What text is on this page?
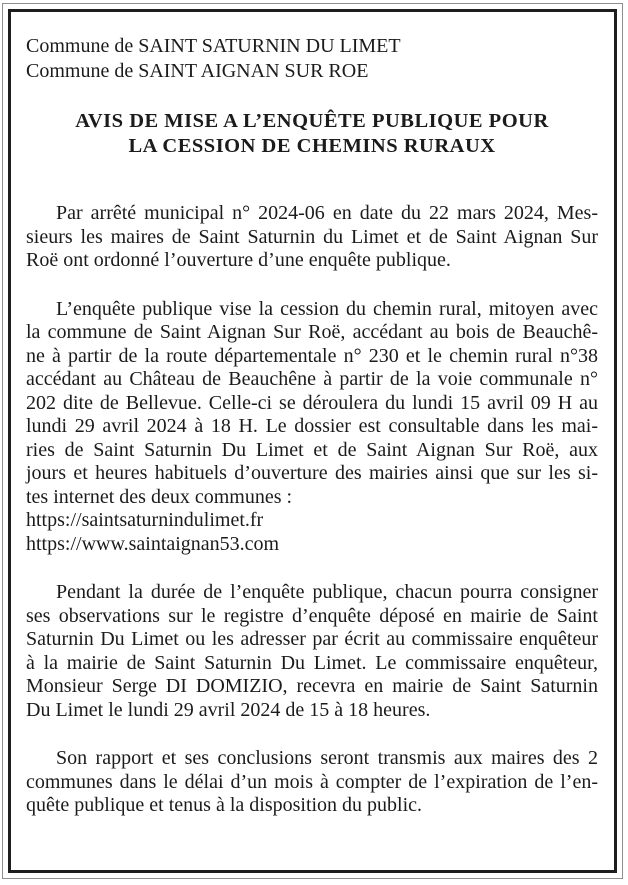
Commune de SAINT SATURNIN DU LIMET
Commune de SAINT AIGNAN SUR ROE
AVIS DE MISE A L’ENQUÊTE PUBLIQUE POUR
LA CESSION DE CHEMINS RURAUX
Par arrêté municipal n° 2024-06 en date du 22 mars 2024, Mes-
sieurs les maires de Saint Saturnin du Limet et de Saint Aignan Sur
Roë ont ordonné l’ouverture d’une enquête publique.
L’enquête publique vise la cession du chemin rural, mitoyen avec
la commune de Saint Aignan Sur Roë, accédant au bois de Beauchê-
ne à partir de la route départementale n° 230 et le chemin rural n°38
accédant au Château de Beauchêne à partir de la voie communale n°
202 dite de Bellevue. Celle-ci se déroulera du lundi 15 avril 09 H au
lundi 29 avril 2024 à 18 H. Le dossier est consultable dans les mai-
ries de Saint Saturnin Du Limet et de Saint Aignan Sur Roë, aux
jours et heures habituels d’ouverture des mairies ainsi que sur les si-
tes internet des deux communes :
https://saintsaturnindulimet.fr
https://www.saintaignan53.com
Pendant la durée de l’enquête publique, chacun pourra consigner
ses observations sur le registre d’enquête déposé en mairie de Saint
Saturnin Du Limet ou les adresser par écrit au commissaire enquêteur
à la mairie de Saint Saturnin Du Limet. Le commissaire enquêteur,
Monsieur Serge DI DOMIZIO, recevra en mairie de Saint Saturnin
Du Limet le lundi 29 avril 2024 de 15 à 18 heures.
Son rapport et ses conclusions seront transmis aux maires des 2
communes dans le délai d’un mois à compter de l’expiration de l’en-
quête publique et tenus à la disposition du public.
